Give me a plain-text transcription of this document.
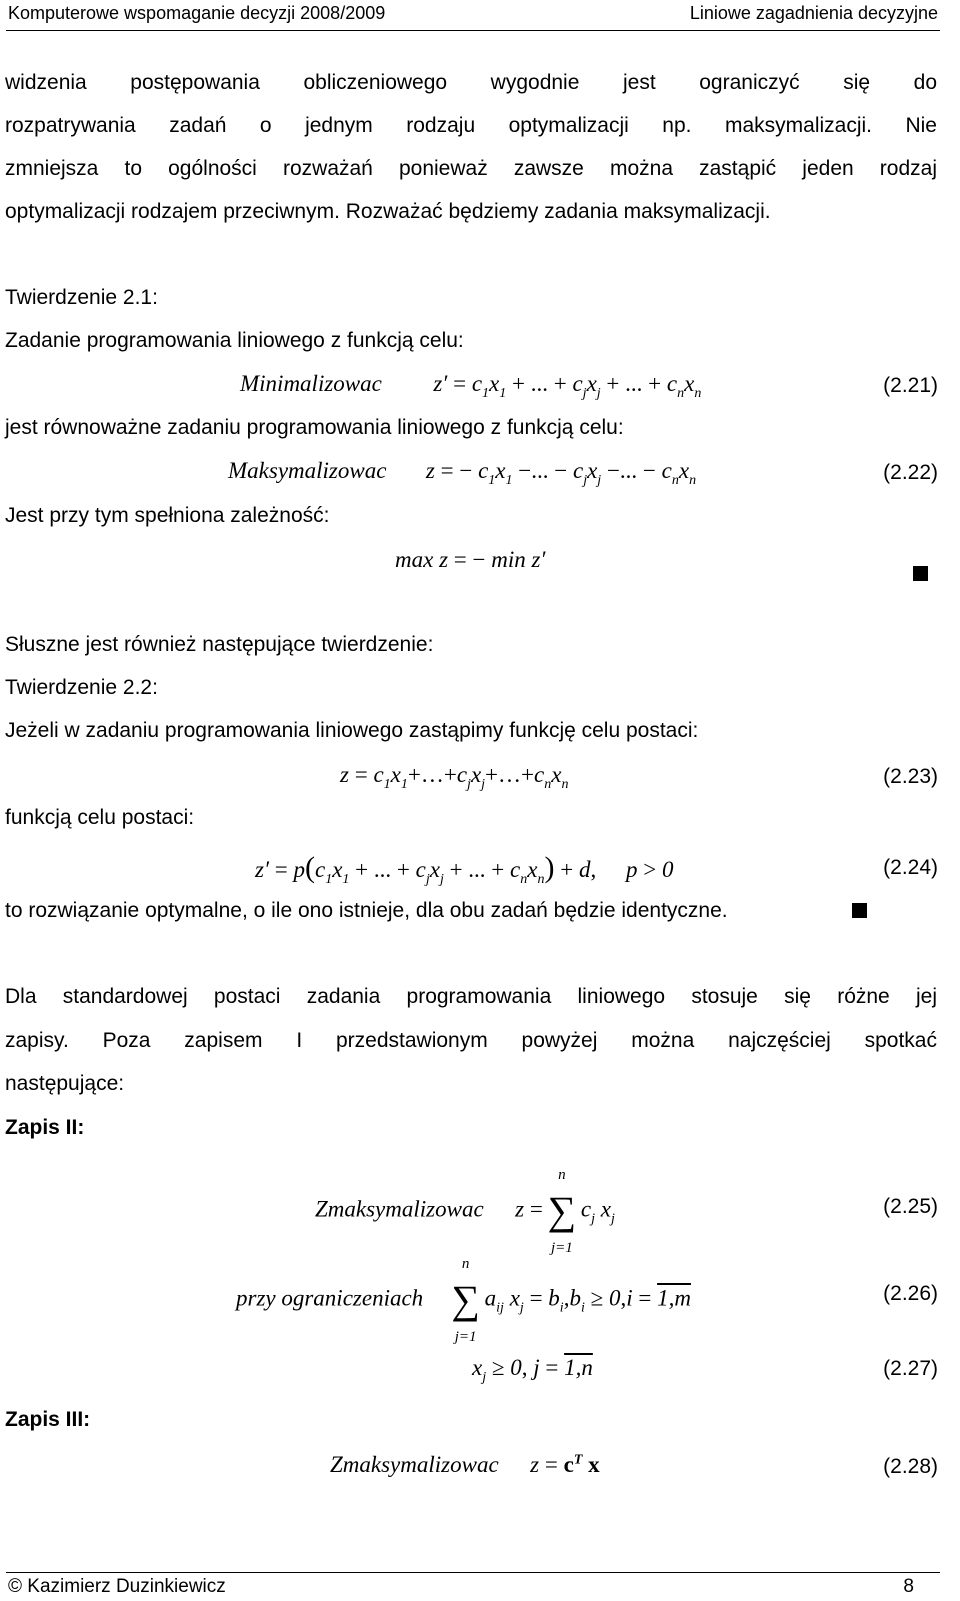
Komputerowe wspomaganie decyzji 2008/2009	Liniowe zagadnienia decyzyjne
widzenia postępowania obliczeniowego wygodnie jest ograniczyć się do
rozpatrywania zadań o jednym rodzaju optymalizacji np. maksymalizacji. Nie
zmniejsza to ogólności rozważań ponieważ zawsze można zastąpić jeden rodzaj
optymalizacji rodzajem przeciwnym. Rozważać będziemy zadania maksymalizacji.
Twierdzenie 2.1:
Zadanie programowania liniowego z funkcją celu:
Minimalizowac $z' = c_1x_1$ + ... + $c_jx_j$ + ... + $c_nx_n$	(2.21)
jest równoważne zadaniu programowania liniowego z funkcją celu:
Maksymalizowac z = − $c_1x_1$ −... − $c_jx_j$ −... − $c_nx_n$	(2.22)
Jest przy tym spełniona zależność:
max z = − min z′
Słuszne jest również następujące twierdzenie:
Twierdzenie 2.2:
Jeżeli w zadaniu programowania liniowego zastąpimy funkcję celu postaci:
$z = c_1x_1+\dots+c_jx_j+\dots+c_nx_n$	(2.23)
funkcją celu postaci:
$z' = p(c_1x_1$ + ... + $c_jx_j$ + ... + $c_nx_n) + d$, p > 0	(2.24)
to rozwiązanie optymalne, o ile ono istnieje, dla obu zadań będzie identyczne.
Dla standardowej postaci zadania programowania liniowego stosuje się różne jej
zapisy. Poza zapisem I przedstawionym powyżej można najczęściej spotkać
następujące:
Zapis II:
Zmaksymalizowac z =
n
∑
j=1
$c_j$ $x_j$
(2.25)
przy ograniczeniach
n
∑
j=1
$a_{ij}$ $x_j = b_i,b_i \ge 0,i = 1,m$	(2.26)
$x_j \ge 0$, j = 1,n	(2.27)
Zapis III:
Zmaksymalizowac $z = c^T$ x	(2.28)
© Kazimierz Duzinkiewicz	8
